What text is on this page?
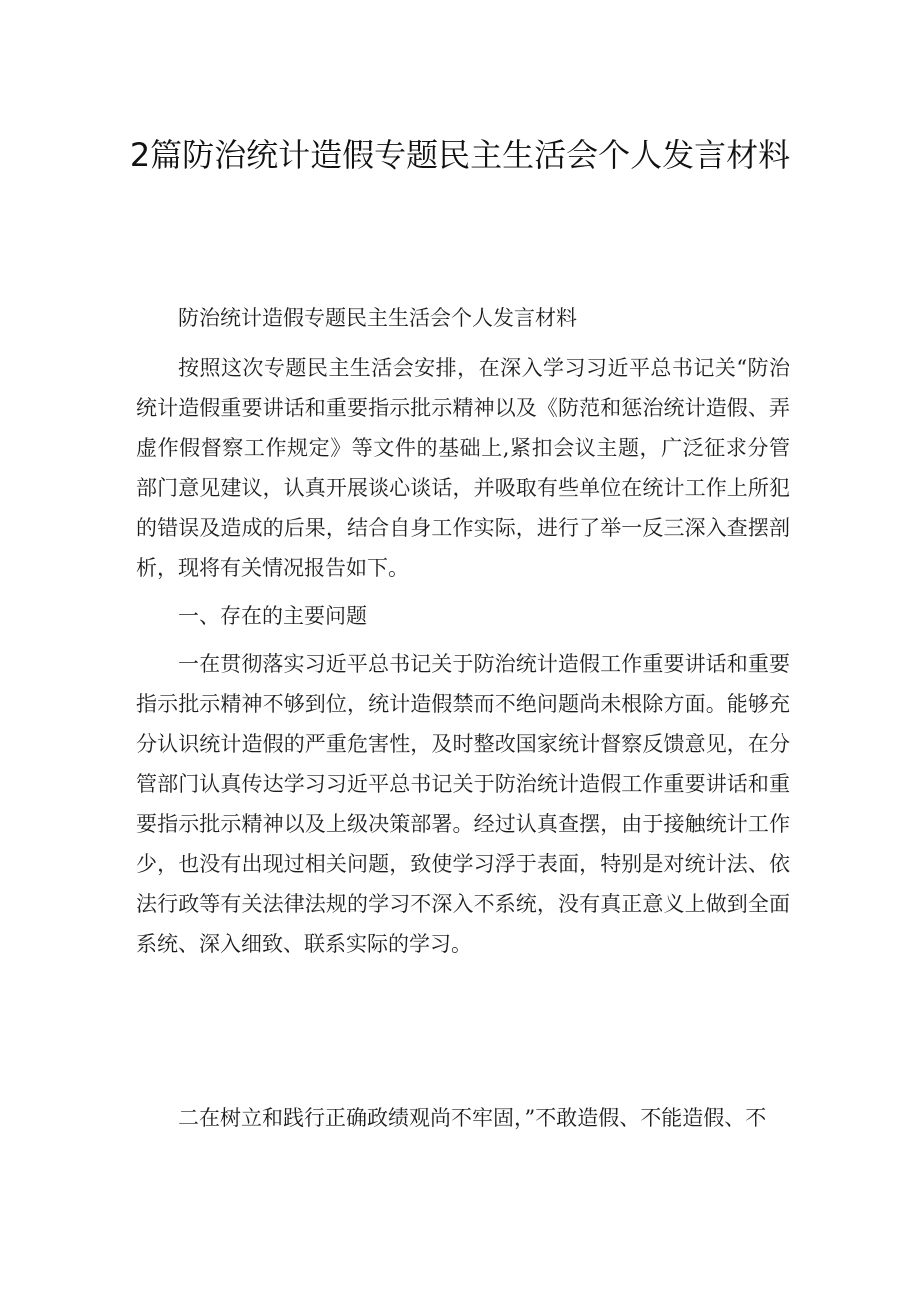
2篇防治统计造假专题民主生活会个人发言材料

防治统计造假专题民主生活会个人发言材料

按照这次专题民主生活会安排，在深入学习习近平总书记关“防治统计造假重要讲话和重要指示批示精神以及《防范和惩治统计造假、弄虚作假督察工作规定》等文件的基础上,紧扣会议主题，广泛征求分管部门意见建议，认真开展谈心谈话，并吸取有些单位在统计工作上所犯的错误及造成的后果，结合自身工作实际，进行了举一反三深入查摆剖析，现将有关情况报告如下。

一、存在的主要问题

一在贯彻落实习近平总书记关于防治统计造假工作重要讲话和重要指示批示精神不够到位，统计造假禁而不绝问题尚未根除方面。能够充分认识统计造假的严重危害性，及时整改国家统计督察反馈意见，在分管部门认真传达学习习近平总书记关于防治统计造假工作重要讲话和重要指示批示精神以及上级决策部署。经过认真查摆，由于接触统计工作少，也没有出现过相关问题，致使学习浮于表面，特别是对统计法、依法行政等有关法律法规的学习不深入不系统，没有真正意义上做到全面系统、深入细致、联系实际的学习。

二在树立和践行正确政绩观尚不牢固，”不敢造假、不能造假、不
